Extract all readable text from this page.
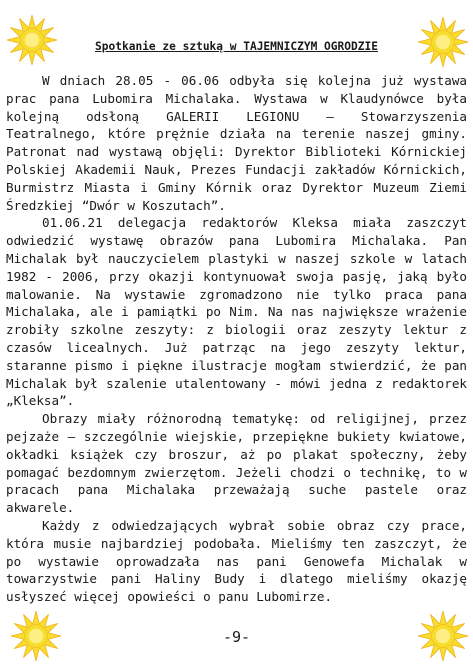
Spotkanie ze sztuką w TAJEMNICZYM OGRODZIE

W dniach 28.05 - 06.06 odbyła się kolejna już wystawa prac pana Lubomira Michalaka. Wystawa w Klaudynówce była kolejną odsłoną GALERII LEGIONU – Stowarzyszenia Teatralnego, które prężnie działa na terenie naszej gminy. Patronat nad wystawą objęli: Dyrektor Biblioteki Kórnickiej Polskiej Akademii Nauk, Prezes Fundacji zakładów Kórnickich, Burmistrz Miasta i Gminy Kórnik oraz Dyrektor Muzeum Ziemi Średzkiej “Dwór w Koszutach”.

01.06.21 delegacja redaktorów Kleksa miała zaszczyt odwiedzić wystawę obrazów pana Lubomira Michalaka. Pan Michalak był nauczycielem plastyki w naszej szkole w latach 1982 - 2006, przy okazji kontynuował swoja pasję, jaką było malowanie. Na wystawie zgromadzono nie tylko praca pana Michalaka, ale i pamiątki po Nim. Na nas największe wrażenie zrobiły szkolne zeszyty: z biologii oraz zeszyty lektur z czasów licealnych. Już patrząc na jego zeszyty lektur, staranne pismo i piękne ilustracje mogłam stwierdzić, że pan Michalak był szalenie utalentowany - mówi jedna z redaktorek „Kleksa”.

Obrazy miały różnorodną tematykę: od religijnej, przez pejzaże – szczególnie wiejskie, przepiękne bukiety kwiatowe, okładki książek czy broszur, aż po plakat społeczny, żeby pomagać bezdomnym zwierzętom. Jeżeli chodzi o technikę, to w pracach pana Michalaka przeważają suche pastele oraz akwarele.

Każdy z odwiedzających wybrał sobie obraz czy prace, która musie najbardziej podobała. Mieliśmy ten zaszczyt, że po wystawie oprowadzała nas pani Genowefa Michalak w towarzystwie pani Haliny Budy i dlatego mieliśmy okazję usłyszeć więcej opowieści o panu Lubomirze.

-9-
